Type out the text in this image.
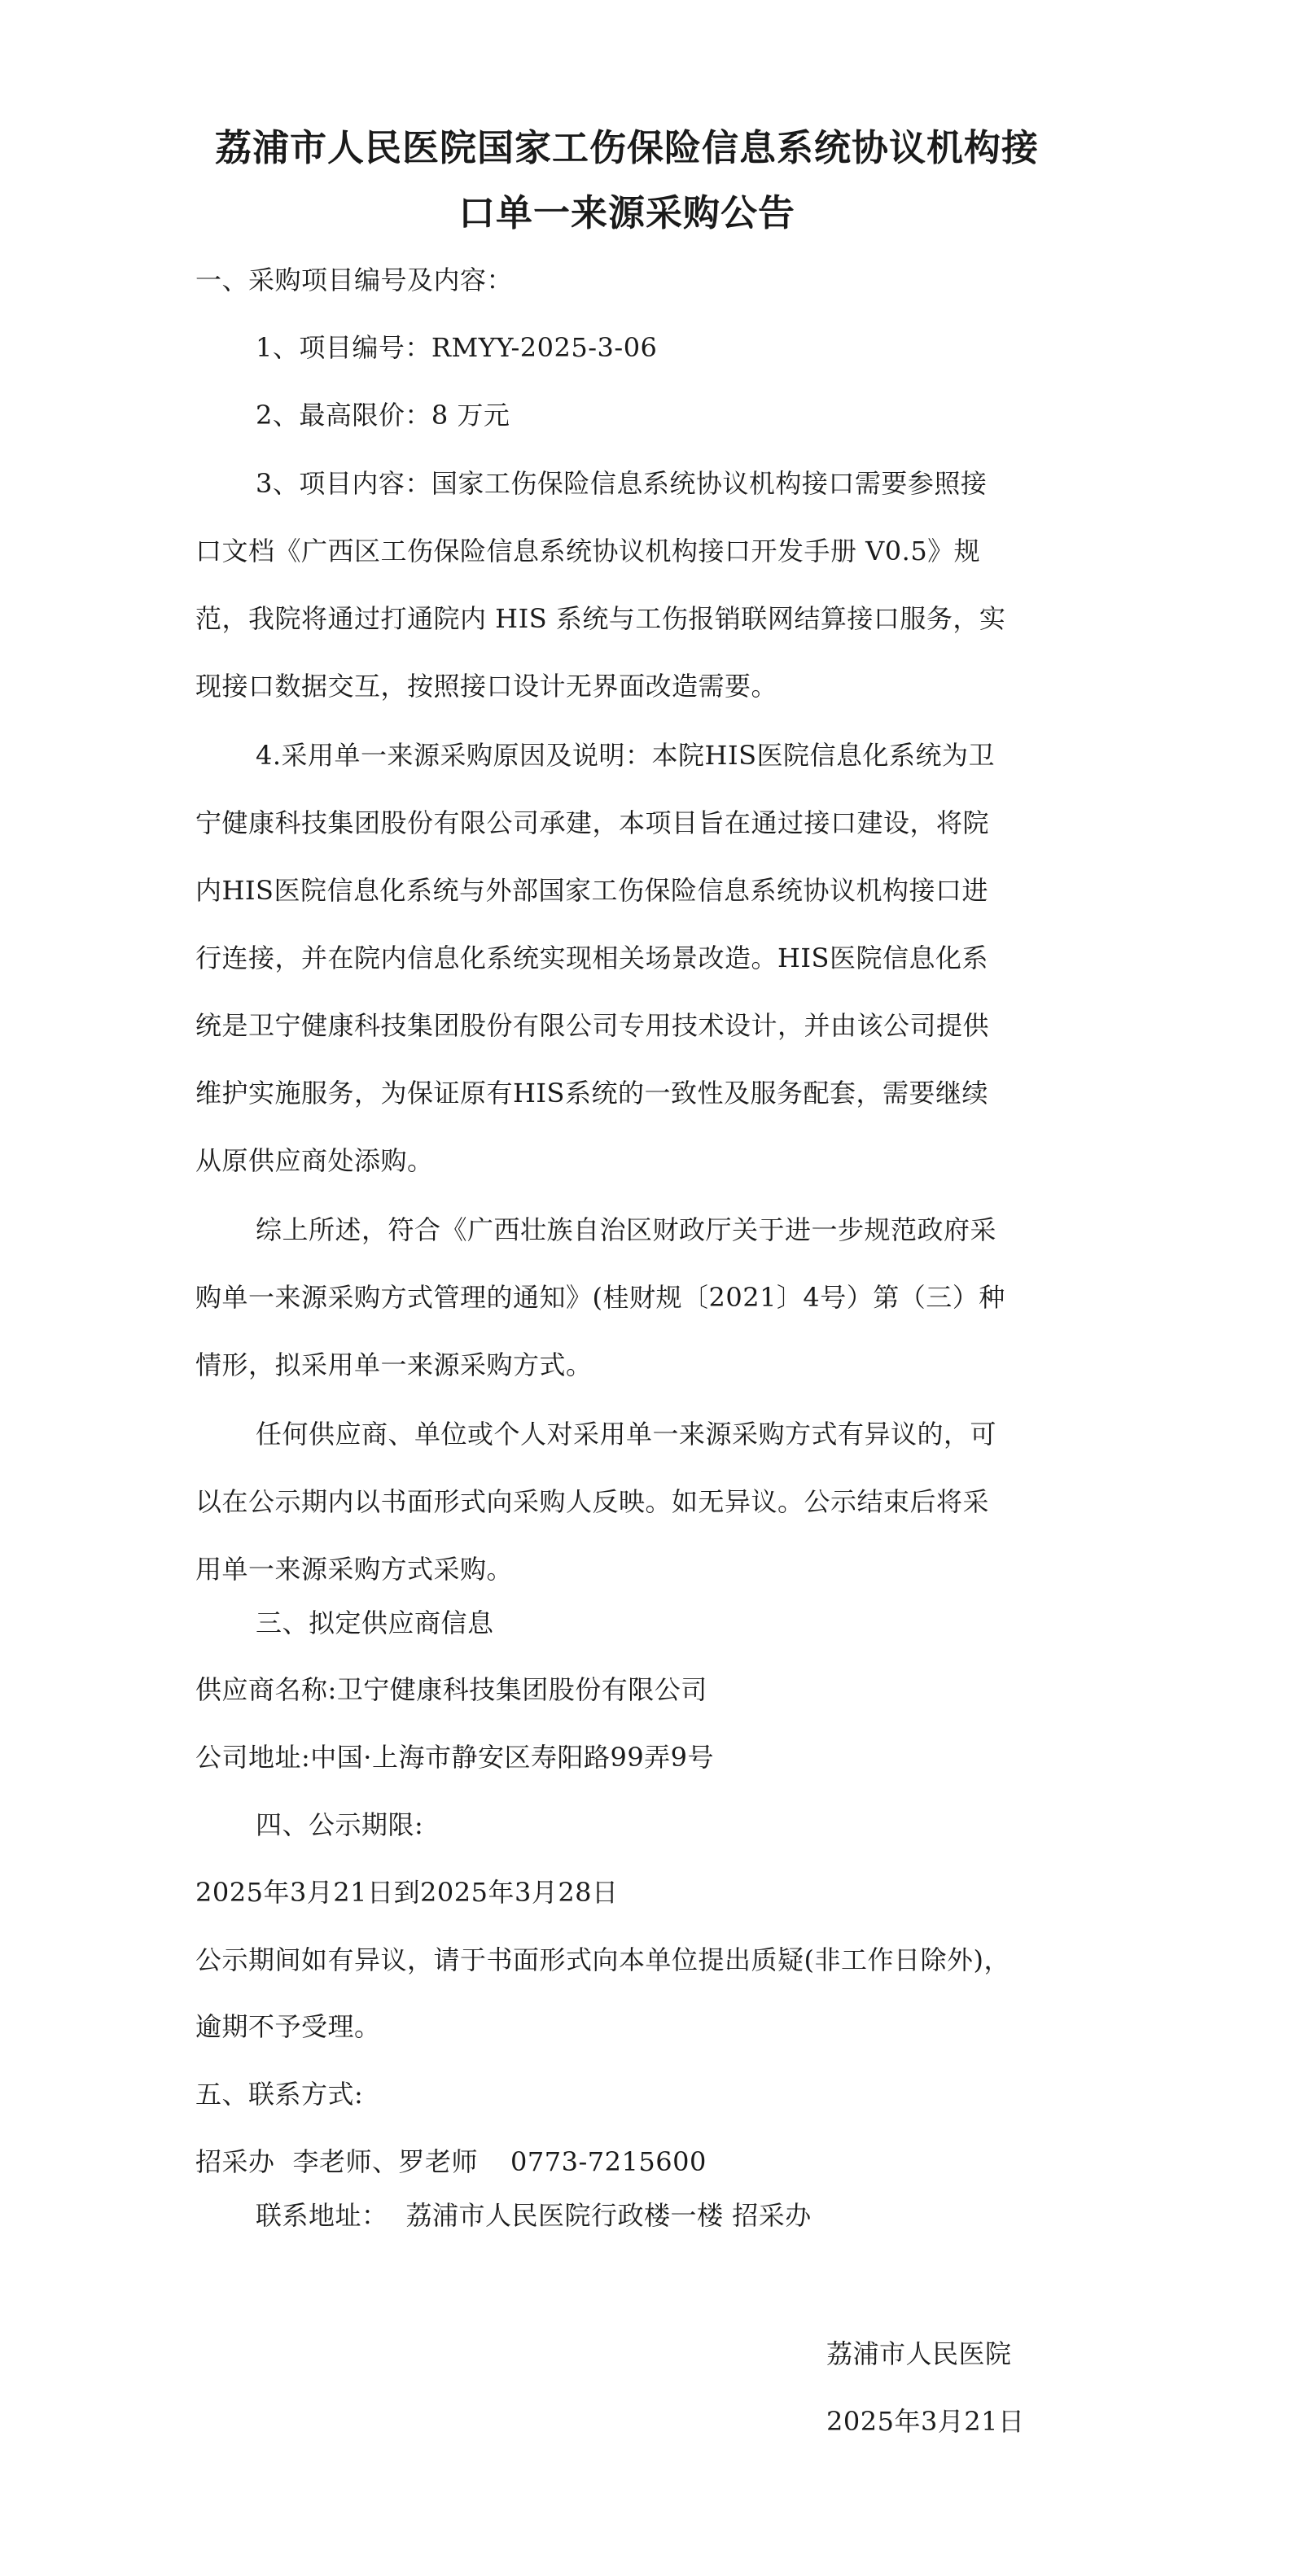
荔浦市人民医院国家工伤保险信息系统协议机构接
口单一来源采购公告
一、采购项目编号及内容：
1、项目编号：RMYY-2025-3-06
2、最高限价：8 万元
3、项目内容：国家工伤保险信息系统协议机构接口需要参照接
口文档《广西区工伤保险信息系统协议机构接口开发手册 V0.5》规
范，我院将通过打通院内 HIS 系统与工伤报销联网结算接口服务，实
现接口数据交互，按照接口设计无界面改造需要。
4.采用单一来源采购原因及说明：本院HIS医院信息化系统为卫
宁健康科技集团股份有限公司承建，本项目旨在通过接口建设，将院
内HIS医院信息化系统与外部国家工伤保险信息系统协议机构接口进
行连接，并在院内信息化系统实现相关场景改造。HIS医院信息化系
统是卫宁健康科技集团股份有限公司专用技术设计，并由该公司提供
维护实施服务，为保证原有HIS系统的一致性及服务配套，需要继续
从原供应商处添购。
综上所述，符合《广西壮族自治区财政厅关于进一步规范政府采
购单一来源采购方式管理的通知》(桂财规〔2021〕4号）第（三）种
情形，拟采用单一来源采购方式。
任何供应商、单位或个人对采用单一来源采购方式有异议的，可
以在公示期内以书面形式向采购人反映。如无异议。公示结束后将采
用单一来源采购方式采购。
三、拟定供应商信息
供应商名称:卫宁健康科技集团股份有限公司
公司地址:中国·上海市静安区寿阳路99弄9号
四、公示期限:
2025年3月21日到2025年3月28日
公示期间如有异议，请于书面形式向本单位提出质疑(非工作日除外)，
逾期不予受理。
五、联系方式:
招采办 李老师、罗老师 0773-7215600
联系地址： 荔浦市人民医院行政楼一楼 招采办
荔浦市人民医院
2025年3月21日
